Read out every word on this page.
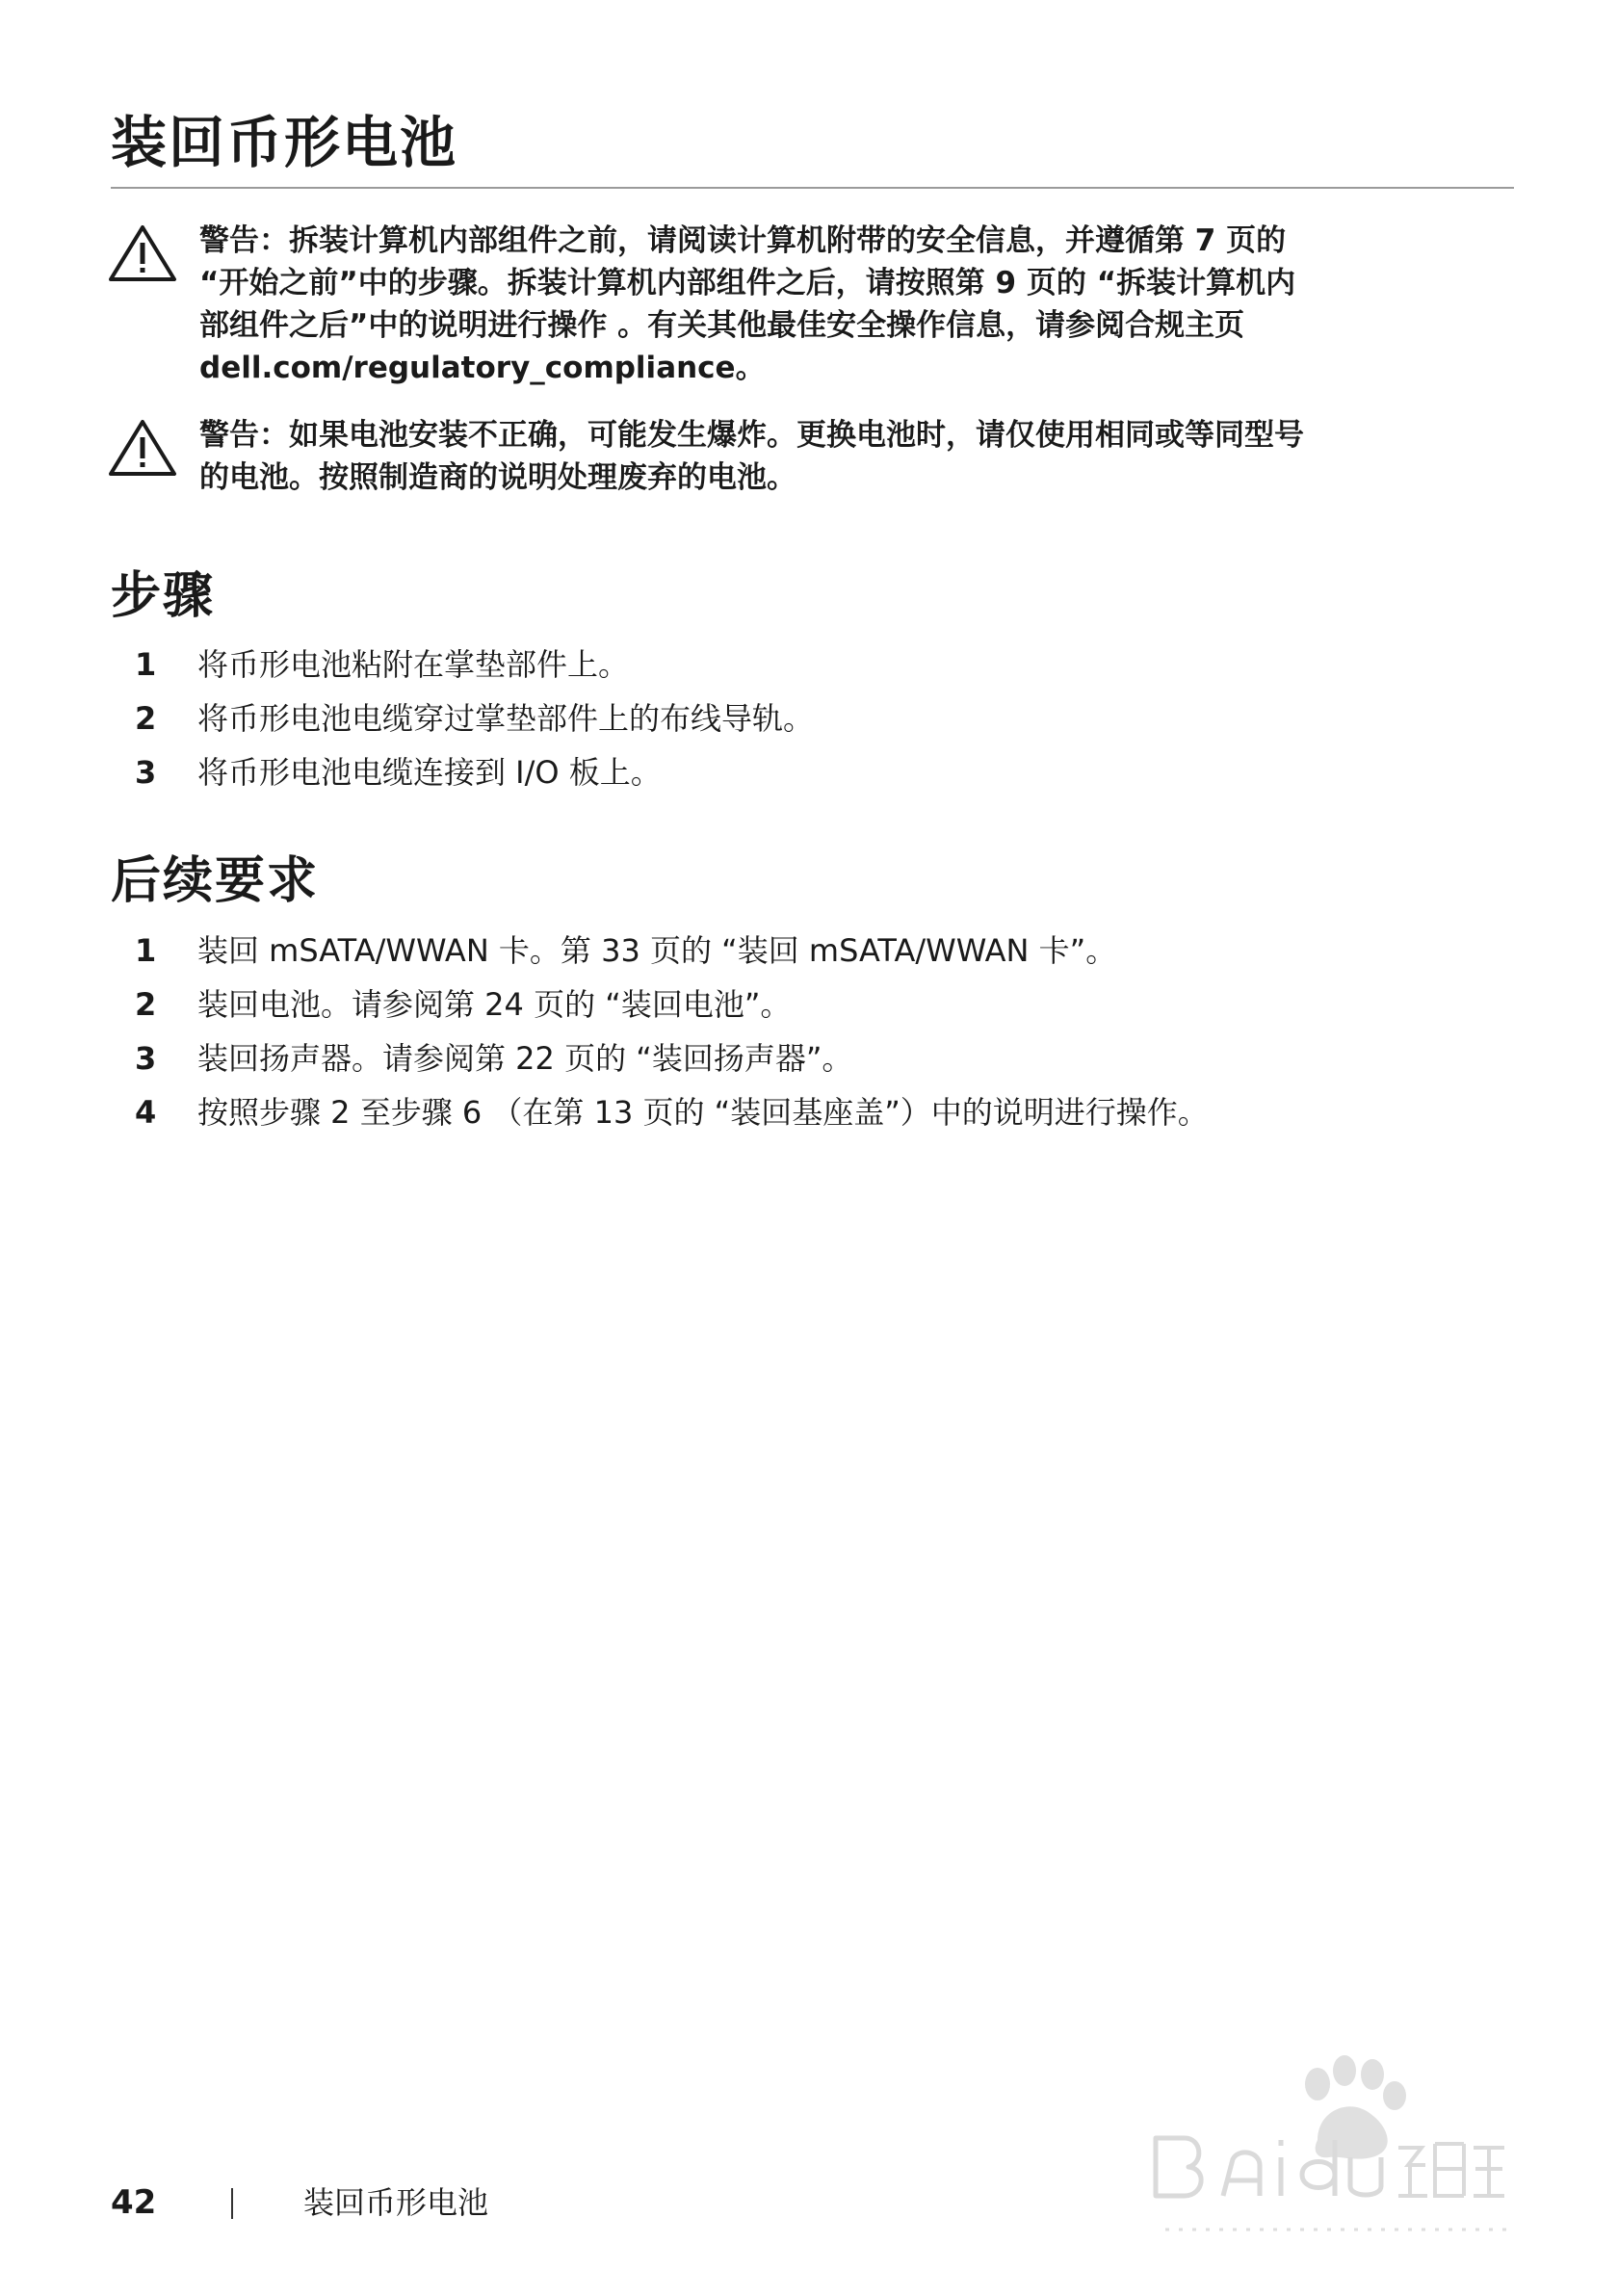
装回币形电池

警告：拆装计算机内部组件之前，请阅读计算机附带的安全信息，并遵循第 7 页的
“开始之前”中的步骤。拆装计算机内部组件之后，请按照第 9 页的 “拆装计算机内
部组件之后”中的说明进行操作 。有关其他最佳安全操作信息，请参阅合规主页
dell.com/regulatory_compliance。

警告：如果电池安装不正确，可能发生爆炸。更换电池时，请仅使用相同或等同型号
的电池。按照制造商的说明处理废弃的电池。

步骤
1	将币形电池粘附在掌垫部件上。
2	将币形电池电缆穿过掌垫部件上的布线导轨。
3	将币形电池电缆连接到 I/O 板上。
后续要求
1	装回 mSATA/WWAN 卡。第 33 页的 “装回 mSATA/WWAN 卡”。
2	装回电池。请参阅第 24 页的 “装回电池”。
3	装回扬声器。请参阅第 22 页的 “装回扬声器”。
4	按照步骤 2 至步骤 6 （在第 13 页的 “装回基座盖”）中的说明进行操作。
42	装回币形电池
